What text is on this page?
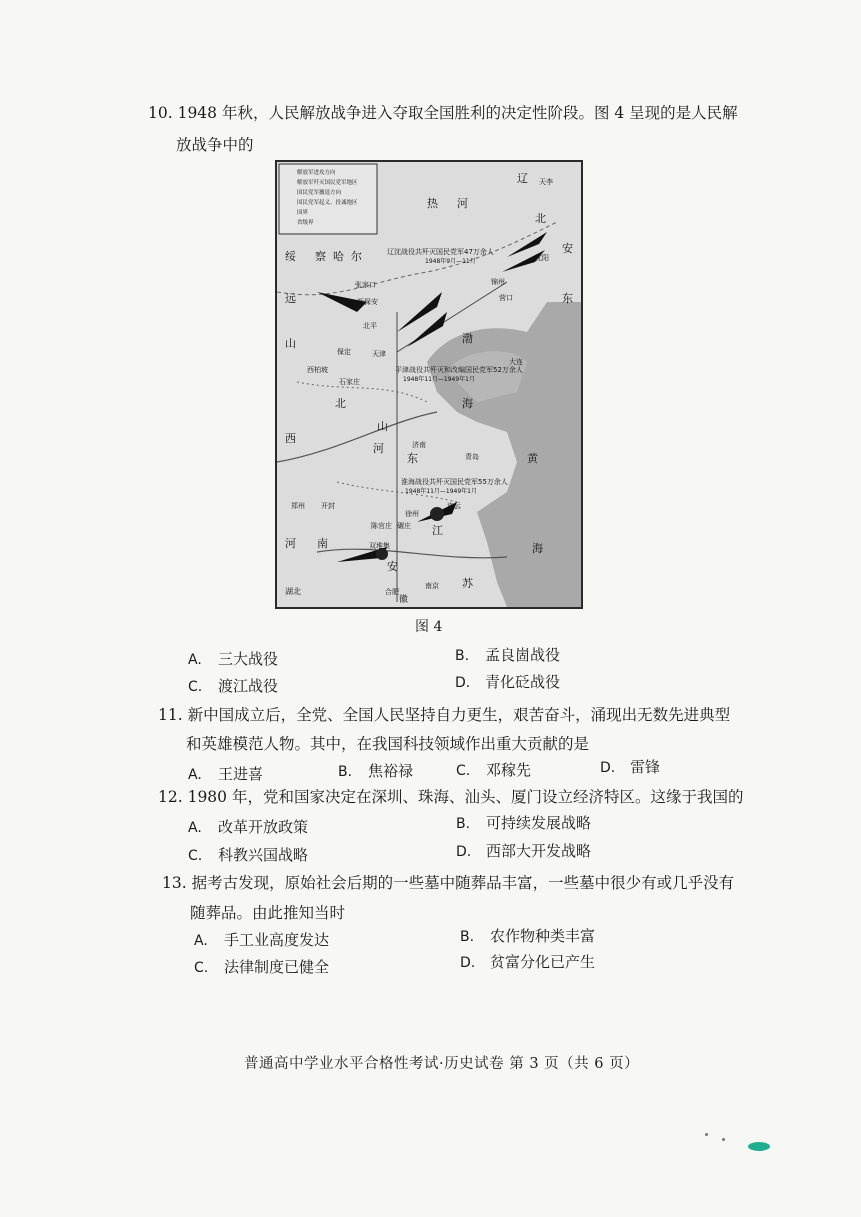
10. 1948 年秋，人民解放战争进入夺取全国胜利的决定性阶段。图 4 呈现的是人民解
放战争中的
解放军进攻方向
解放军歼灭国民党军地区
国民党军撤退方向
国民党军起义、投诚地区
国界
省级界
热 河
辽
北
安
东
察 哈 尔
绥
远
山
西
北
河
东
山
河 南
江
安
苏
徽
湖北
黄
海
渤
海
张家口
新保安
北平
天津
保定
西柏坡
石家庄
锦州
营口
沈阳
大连
济南
青岛
徐州
碾庄
连云
陈官庄
双堆集
郑州 开封
南京
合肥
天李
辽沈战役共歼灭国民党军47万余人
1948年9月—11月
平津战役共歼灭和改编国民党军52万余人
1948年11月—1949年1月
淮海战役共歼灭国民党军55万余人
1948年11月—1949年1月
图 4
A. 三大战役	B. 孟良崮战役
C. 渡江战役	D. 青化砭战役
11. 新中国成立后，全党、全国人民坚持自力更生，艰苦奋斗，涌现出无数先进典型
和英雄模范人物。其中，在我国科技领域作出重大贡献的是
A. 王进喜	B. 焦裕禄	C. 邓稼先	D. 雷锋
12. 1980 年，党和国家决定在深圳、珠海、汕头、厦门设立经济特区。这缘于我国的
A. 改革开放政策	B. 可持续发展战略
C. 科教兴国战略	D. 西部大开发战略
13. 据考古发现，原始社会后期的一些墓中随葬品丰富，一些墓中很少有或几乎没有
随葬品。由此推知当时
A. 手工业高度发达	B. 农作物种类丰富
C. 法律制度已健全	D. 贫富分化已产生
普通高中学业水平合格性考试·历史试卷 第 3 页（共 6 页）
